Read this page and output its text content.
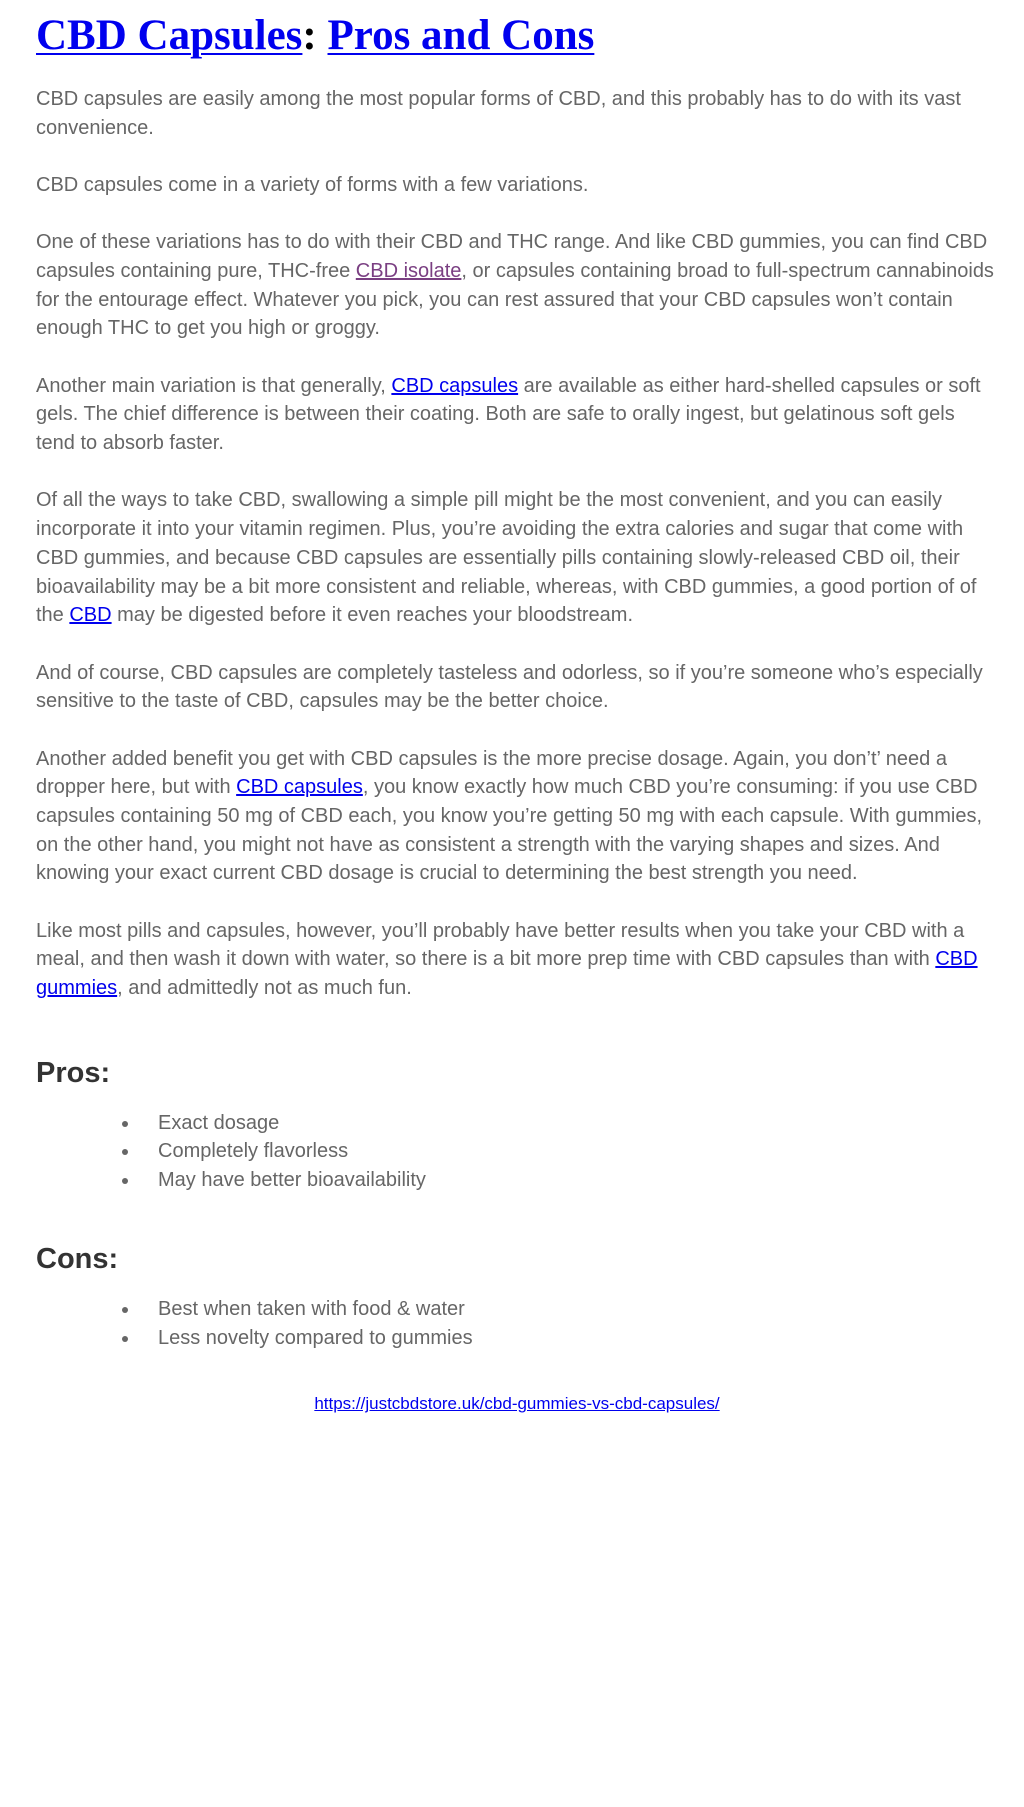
CBD Capsules: Pros and Cons

CBD capsules are easily among the most popular forms of CBD, and this probably has to do with its vast convenience.

CBD capsules come in a variety of forms with a few variations.

One of these variations has to do with their CBD and THC range. And like CBD gummies, you can find CBD capsules containing pure, THC-free CBD isolate, or capsules containing broad to full-spectrum cannabinoids for the entourage effect. Whatever you pick, you can rest assured that your CBD capsules won’t contain enough THC to get you high or groggy.

Another main variation is that generally, CBD capsules are available as either hard-shelled capsules or soft gels. The chief difference is between their coating. Both are safe to orally ingest, but gelatinous soft gels tend to absorb faster.

Of all the ways to take CBD, swallowing a simple pill might be the most convenient, and you can easily incorporate it into your vitamin regimen. Plus, you’re avoiding the extra calories and sugar that come with CBD gummies, and because CBD capsules are essentially pills containing slowly-released CBD oil, their bioavailability may be a bit more consistent and reliable, whereas, with CBD gummies, a good portion of of the CBD may be digested before it even reaches your bloodstream.

And of course, CBD capsules are completely tasteless and odorless, so if you’re someone who’s especially sensitive to the taste of CBD, capsules may be the better choice.

Another added benefit you get with CBD capsules is the more precise dosage. Again, you don’t’ need a dropper here, but with CBD capsules, you know exactly how much CBD you’re consuming: if you use CBD capsules containing 50 mg of CBD each, you know you’re getting 50 mg with each capsule. With gummies, on the other hand, you might not have as consistent a strength with the varying shapes and sizes. And knowing your exact current CBD dosage is crucial to determining the best strength you need.

Like most pills and capsules, however, you’ll probably have better results when you take your CBD with a meal, and then wash it down with water, so there is a bit more prep time with CBD capsules than with CBD gummies, and admittedly not as much fun.

Pros:
Exact dosage
Completely flavorless
May have better bioavailability
Cons:
Best when taken with food & water
Less novelty compared to gummies
https://justcbdstore.uk/cbd-gummies-vs-cbd-capsules/
